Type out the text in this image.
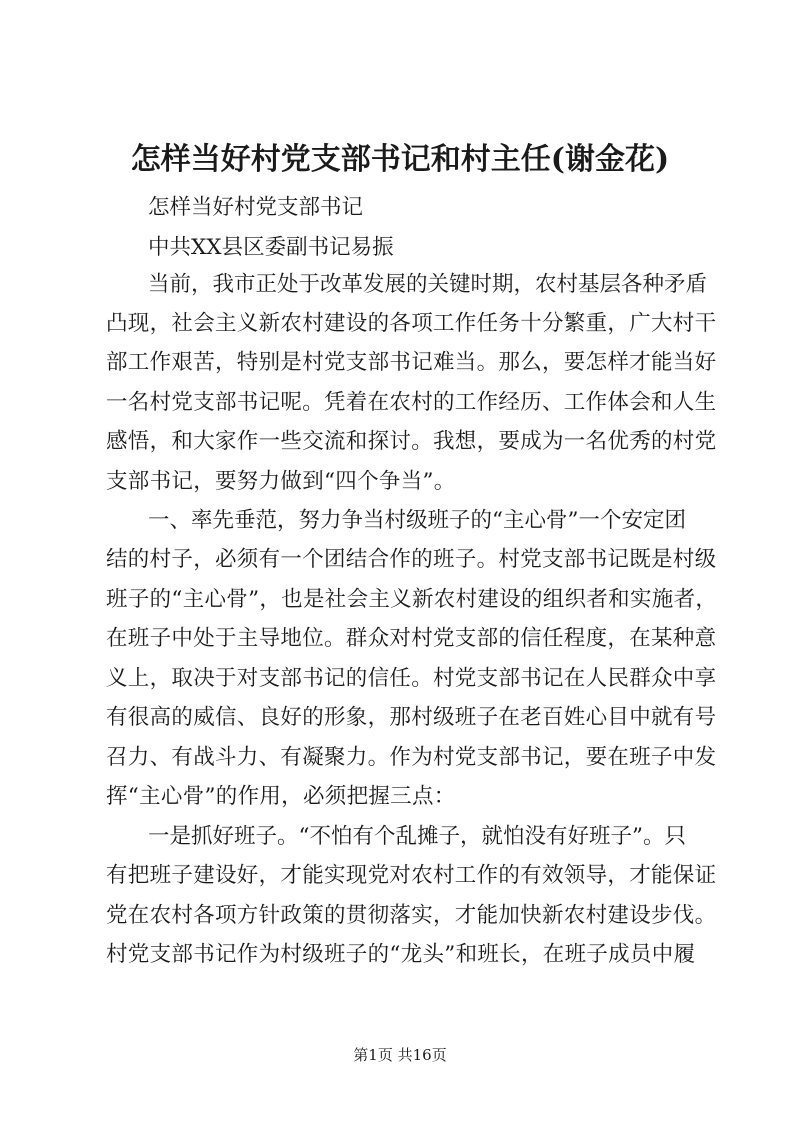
怎样当好村党支部书记和村主任(谢金花)

怎样当好村党支部书记

中共XX县区委副书记易振

当前，我市正处于改革发展的关键时期，农村基层各种矛盾

凸现，社会主义新农村建设的各项工作任务十分繁重，广大村干

部工作艰苦，特别是村党支部书记难当。那么，要怎样才能当好

一名村党支部书记呢。凭着在农村的工作经历、工作体会和人生

感悟，和大家作一些交流和探讨。我想，要成为一名优秀的村党

支部书记，要努力做到“四个争当”。

一、率先垂范，努力争当村级班子的“主心骨”一个安定团

结的村子，必须有一个团结合作的班子。村党支部书记既是村级

班子的“主心骨”，也是社会主义新农村建设的组织者和实施者，

在班子中处于主导地位。群众对村党支部的信任程度，在某种意

义上，取决于对支部书记的信任。村党支部书记在人民群众中享

有很高的威信、良好的形象，那村级班子在老百姓心目中就有号

召力、有战斗力、有凝聚力。作为村党支部书记，要在班子中发

挥“主心骨”的作用，必须把握三点：

一是抓好班子。“不怕有个乱摊子，就怕没有好班子”。只

有把班子建设好，才能实现党对农村工作的有效领导，才能保证

党在农村各项方针政策的贯彻落实，才能加快新农村建设步伐。

村党支部书记作为村级班子的“龙头”和班长，在班子成员中履

第1页 共16页
